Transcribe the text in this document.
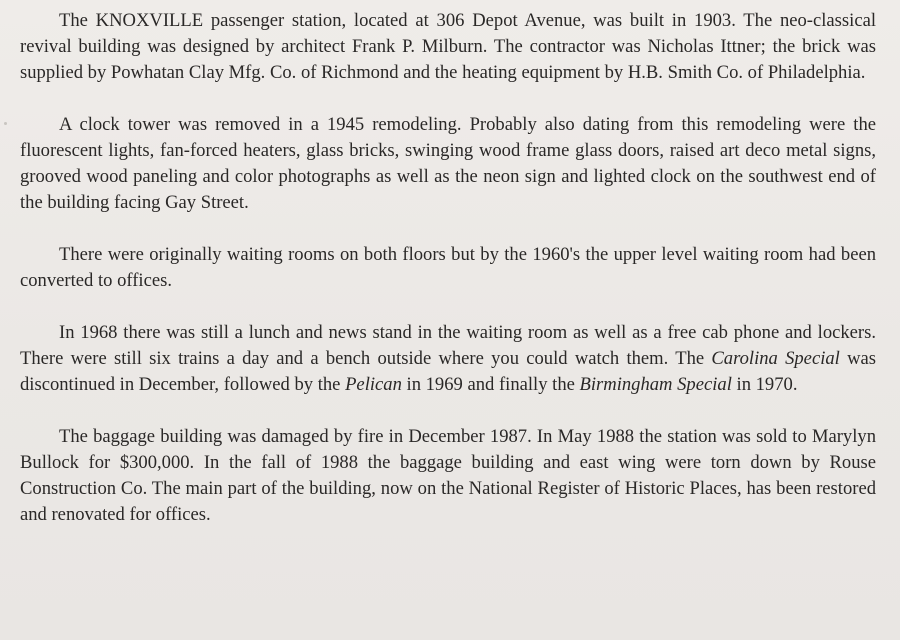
The KNOXVILLE passenger station, located at 306 Depot Avenue, was built in 1903. The neo-classical revival building was designed by architect Frank P. Milburn. The contractor was Nicholas Ittner; the brick was supplied by Powhatan Clay Mfg. Co. of Richmond and the heating equipment by H.B. Smith Co. of Philadelphia.

A clock tower was removed in a 1945 remodeling. Probably also dating from this remodeling were the fluorescent lights, fan-forced heaters, glass bricks, swinging wood frame glass doors, raised art deco metal signs, grooved wood paneling and color photographs as well as the neon sign and lighted clock on the southwest end of the building facing Gay Street.

There were originally waiting rooms on both floors but by the 1960's the upper level waiting room had been converted to offices.

In 1968 there was still a lunch and news stand in the waiting room as well as a free cab phone and lockers. There were still six trains a day and a bench outside where you could watch them. The Carolina Special was discontinued in December, followed by the Pelican in 1969 and finally the Birmingham Special in 1970.

The baggage building was damaged by fire in December 1987. In May 1988 the station was sold to Marylyn Bullock for $300,000. In the fall of 1988 the baggage building and east wing were torn down by Rouse Construction Co. The main part of the building, now on the National Register of Historic Places, has been restored and renovated for offices.
